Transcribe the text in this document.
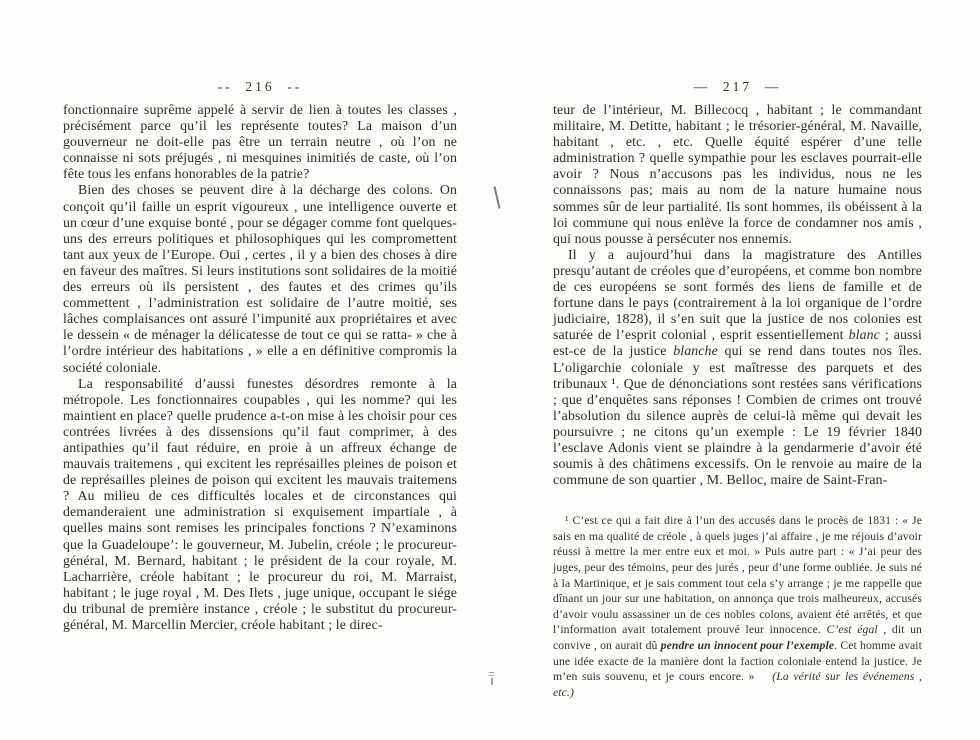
--  216  --

fonctionnaire suprême appelé à servir de lien à toutes les classes , précisément parce qu’il les représente toutes? La maison d’un gouverneur ne doit-elle pas être un terrain neutre , où l’on ne connaisse ni sots préjugés , ni mesquines inimitiés de caste, où l’on fête tous les enfans honorables de la patrie?

Bien des choses se peuvent dire à la décharge des colons. On conçoit qu’il faille un esprit vigoureux , une intelligence ouverte et un cœur d’une exquise bonté , pour se dégager comme font quelques-uns des erreurs politiques et philosophiques qui les compromettent tant aux yeux de l’Europe. Oui , certes , il y a bien des choses à dire en faveur des maîtres. Si leurs institutions sont solidaires de la moitié des erreurs où ils persistent , des fautes et des crimes qu’ils commettent , l’administration est solidaire de l’autre moitié, ses lâches complaisances ont assuré l’impunité aux propriétaires et avec le dessein « de ménager la délicatesse de tout ce qui se ratta- » che à l’ordre intérieur des habitations , » elle a en définitive compromis la société coloniale.

La responsabilité d’aussi funestes désordres remonte à la métropole. Les fonctionnaires coupables , qui les nomme? qui les maintient en place? quelle prudence a-t-on mise à les choisir pour ces contrées livrées à des dissensions qu’il faut comprimer, à des antipathies qu’il faut réduire, en proie à un affreux échange de mauvais traitemens , qui excitent les représailles pleines de poison et de représailles pleines de poison qui excitent les mauvais traitemens ? Au milieu de ces difficultés locales et de circonstances qui demanderaient une administration si exquisement impartiale , à quelles mains sont remises les principales fonctions ? N’examinons que la Guadeloupe’: le gouverneur, M. Jubelin, créole ; le procureur-général, M. Bernard, habitant ; le président de la cour royale, M. Lacharrière, créole habitant ; le procureur du roi, M. Marraist, habitant ; le juge royal , M. Des Ilets , juge unique, occupant le siége du tribunal de première instance , créole ; le substitut du procureur-général, M. Marcellin Mercier, créole habitant ; le direc-

—  217  —

teur de l’intérieur, M. Billecocq , habitant ; le commandant militaire, M. Detitte, habitant ; le trésorier-général, M. Navaille, habitant , etc. , etc. Quelle équité espérer d’une telle administration ? quelle sympathie pour les esclaves pourrait-elle avoir ? Nous n’accusons pas les individus, nous ne les connaissons pas; mais au nom de la nature humaine nous sommes sûr de leur partialité. Ils sont hommes, ils obéissent à la loi commune qui nous enlève la force de condamner nos amis , qui nous pousse à persécuter nos ennemis.

Il y a aujourd’hui dans la magistrature des Antilles presqu’autant de créoles que d’européens, et comme bon nombre de ces européens se sont formés des liens de famille et de fortune dans le pays (contrairement à la loi organique de l’ordre judiciaire, 1828), il s’en suit que la justice de nos colonies est saturée de l’esprit colonial , esprit essentiellement blanc ; aussi est-ce de la justice blanche qui se rend dans toutes nos îles. L’oligarchie coloniale y est maîtresse des parquets et des tribunaux ¹. Que de dénonciations sont restées sans vérifications ; que d’enquêtes sans réponses ! Combien de crimes ont trouvé l’absolution du silence auprès de celui-là même qui devait les poursuivre ; ne citons qu’un exemple : Le 19 février 1840 l’esclave Adonis vient se plaindre à la gendarmerie d’avoir été soumis à des châtimens excessifs. On le renvoie au maire de la commune de son quartier , M. Belloc, maire de Saint-Fran-

¹ C’est ce qui a fait dire à l’un des accusés dans le procès de 1831 : « Je sais en ma qualité de créole , à quels juges j’ai affaire , je me réjouis d’avoir réussi à mettre la mer entre eux et moi. » Puis autre part : « J’ai peur des juges, peur des témoins, peur des jurés , peur d’une forme oubliée. Je suis né à la Martinique, et je sais comment tout cela s’y arrange ; je me rappelle que dînant un jour sur une habitation, on annonça que trois malheureux, accusés d’avoir voulu assassiner un de ces nobles colons, avaient été arrêtés, et que l’information avait totalement prouvé leur innocence. C’est égal , dit un convive , on aurait dû pendre un innocent pour l’exemple. Cet homme avait une idée exacte de la manière dont la faction coloniale entend la justice. Je m’en suis souvenu, et je cours encore. »  (La vérité sur les événemens , etc.)
